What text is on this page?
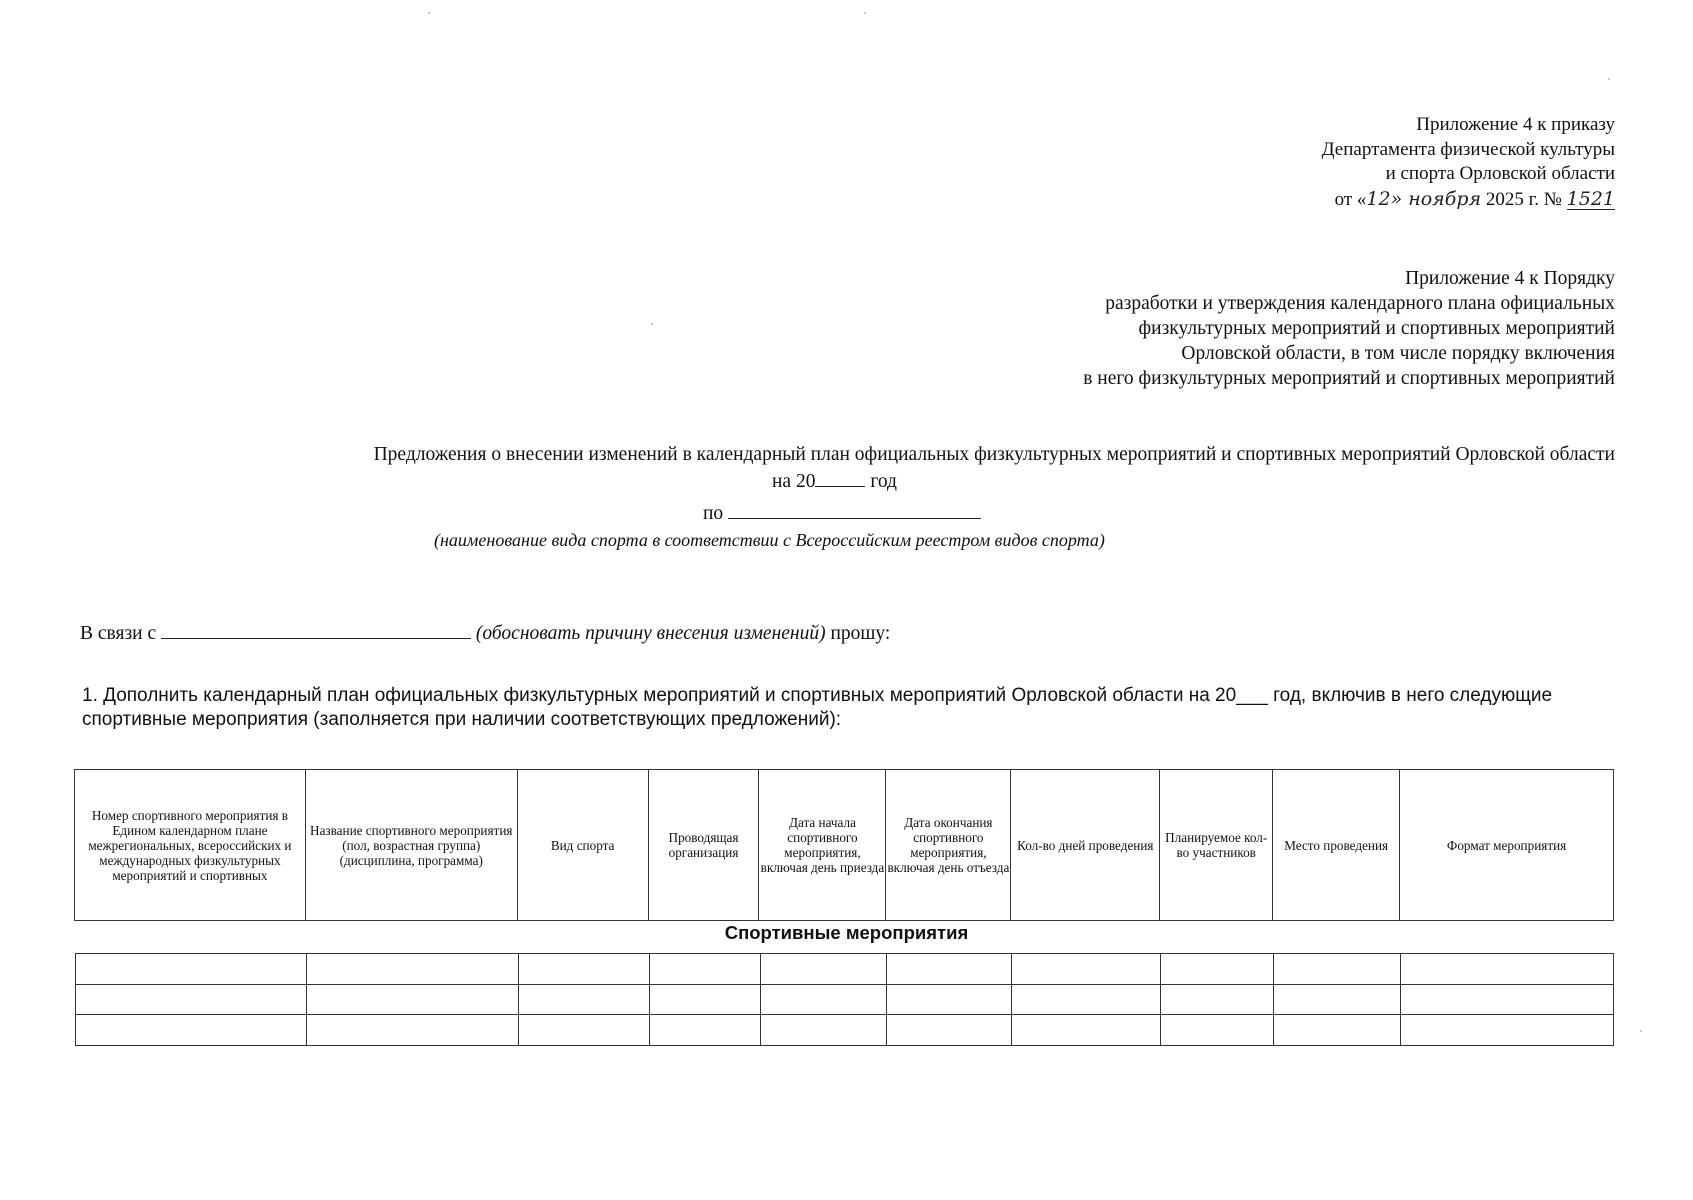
Приложение 4 к приказу
Департамента физической культуры
и спорта Орловской области
от «12» ноября 2025 г. № 1521
Приложение 4 к Порядку
разработки и утверждения календарного плана официальных
физкультурных мероприятий и спортивных мероприятий
Орловской области, в том числе порядку включения
в него физкультурных мероприятий и спортивных мероприятий
Предложения о внесении изменений в календарный план официальных физкультурных мероприятий и спортивных мероприятий Орловской области
на 20	год
по
(наименование вида спорта в соответствии с Всероссийским реестром видов спорта)
В связи с	(обосновать причину внесения изменений) прошу:
1. Дополнить календарный план официальных физкультурных мероприятий и спортивных мероприятий Орловской области на 20___ год, включив в него следующие спортивные мероприятия (заполняется при наличии соответствующих предложений):
Номер спортивного мероприятия в Едином календарном плане межрегиональных, всероссийских и международных физкультурных мероприятий и спортивных	Название спортивного мероприятия (пол, возрастная группа) (дисциплина, программа)	Вид спорта	Проводящая организация	Дата начала спортивного мероприятия, включая день приезда	Дата окончания спортивного мероприятия, включая день отъезда	Кол-во дней проведения	Планируемое кол-во участников	Место проведения	Формат мероприятия
Спортивные мероприятия
